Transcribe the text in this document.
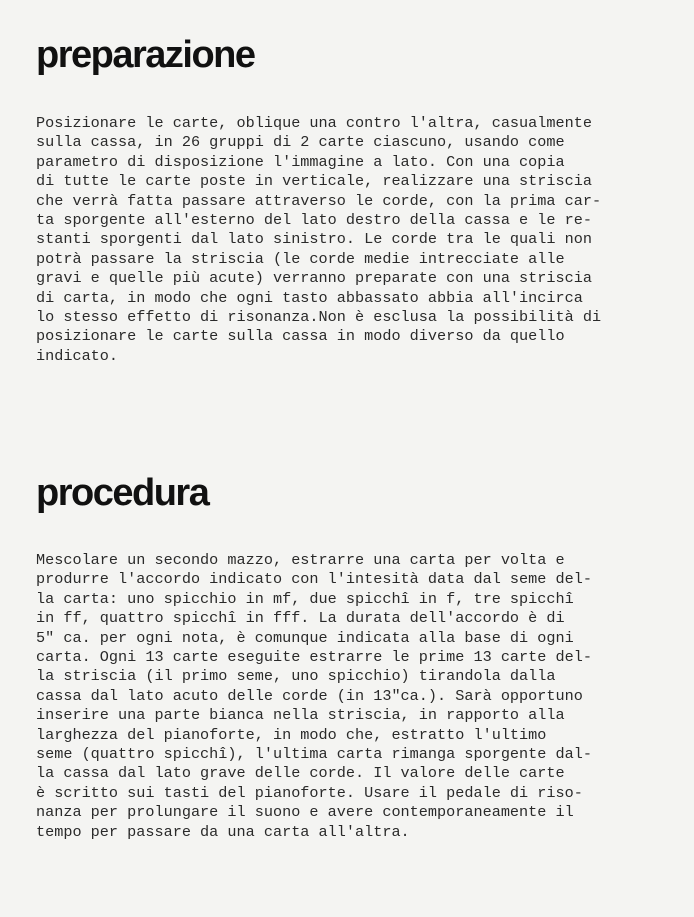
preparazione
Posizionare le carte, oblique una contro l'altra, casualmente
sulla cassa, in 26 gruppi di 2 carte ciascuno, usando come
parametro di disposizione l'immagine a lato. Con una copia
di tutte le carte poste in verticale, realizzare una striscia
che verrà fatta passare attraverso le corde, con la prima car-
ta sporgente all'esterno del lato destro della cassa e le re-
stanti sporgenti dal lato sinistro. Le corde tra le quali non
potrà passare la striscia (le corde medie intrecciate alle
gravi e quelle più acute) verranno preparate con una striscia
di carta, in modo che ogni tasto abbassato abbia all'incirca
lo stesso effetto di risonanza.Non è esclusa la possibilità di
posizionare le carte sulla cassa in modo diverso da quello
indicato.
procedura
Mescolare un secondo mazzo, estrarre una carta per volta e
produrre l'accordo indicato con l'intesità data dal seme del-
la carta: uno spicchio in mf, due spicchî in f, tre spicchî
in ff, quattro spicchî in fff. La durata dell'accordo è di
5" ca. per ogni nota, è comunque indicata alla base di ogni
carta. Ogni 13 carte eseguite estrarre le prime 13 carte del-
la striscia (il primo seme, uno spicchio) tirandola dalla
cassa dal lato acuto delle corde (in 13"ca.). Sarà opportuno
inserire una parte bianca nella striscia, in rapporto alla
larghezza del pianoforte, in modo che, estratto l'ultimo
seme (quattro spicchî), l'ultima carta rimanga sporgente dal-
la cassa dal lato grave delle corde. Il valore delle carte
è scritto sui tasti del pianoforte. Usare il pedale di riso-
nanza per prolungare il suono e avere contemporaneamente il
tempo per passare da una carta all'altra.
